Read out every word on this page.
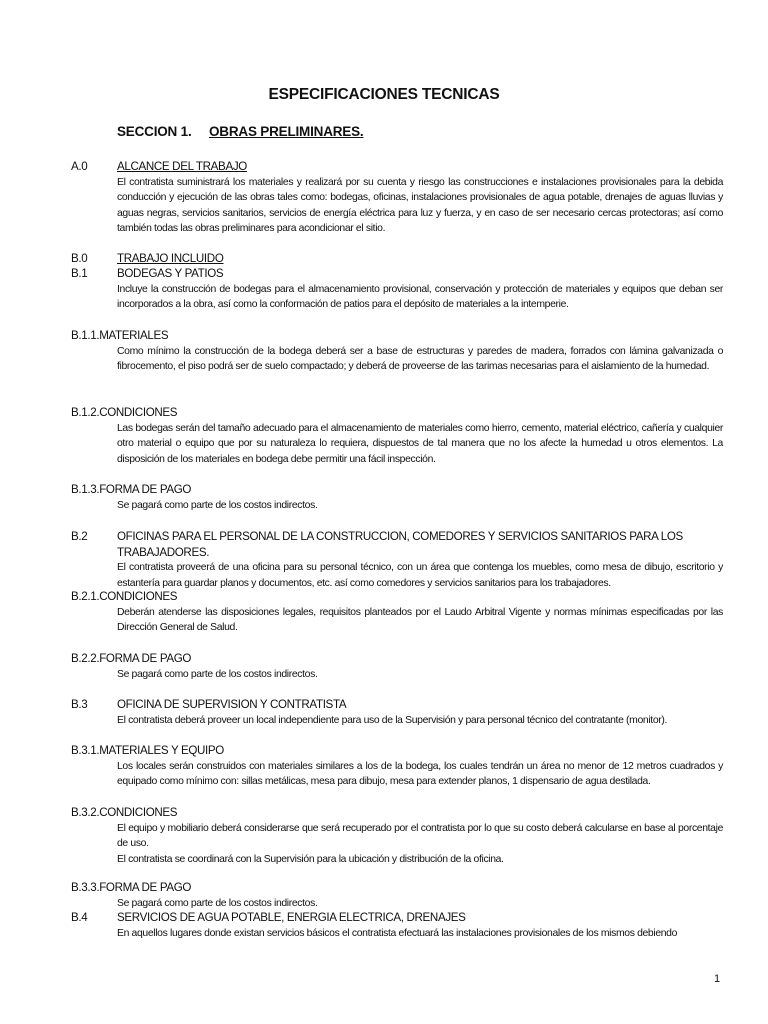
ESPECIFICACIONES TECNICAS
SECCION 1. OBRAS PRELIMINARES.
A.0	ALCANCE DEL TRABAJO

El contratista suministrará los materiales y realizará por su cuenta y riesgo las construcciones e instalaciones provisionales para la debida conducción y ejecución de las obras tales como: bodegas, oficinas, instalaciones provisionales de agua potable, drenajes de aguas lluvias y aguas negras, servicios sanitarios, servicios de energía eléctrica para luz y fuerza, y en caso de ser necesario cercas protectoras; así como también todas las obras preliminares para acondicionar el sitio.

B.0	TRABAJO INCLUIDO
B.1	BODEGAS Y PATIOS

Incluye la construcción de bodegas para el almacenamiento provisional, conservación y protección de materiales y equipos que deban ser incorporados a la obra, así como la conformación de patios para el depósito de materiales a la intemperie.

B.1.1.MATERIALES

Como mínimo la construcción de la bodega deberá ser a base de estructuras y paredes de madera, forrados con lámina galvanizada o fibrocemento, el piso podrá ser de suelo compactado; y deberá de proveerse de las tarimas necesarias para el aislamiento de la humedad.

B.1.2.CONDICIONES

Las bodegas serán del tamaño adecuado para el almacenamiento de materiales como hierro, cemento, material eléctrico, cañería y cualquier otro material o equipo que por su naturaleza lo requiera, dispuestos de tal manera que no los afecte la humedad u otros elementos. La disposición de los materiales en bodega debe permitir una fácil inspección.

B.1.3.FORMA DE PAGO

Se pagará como parte de los costos indirectos.

B.2	OFICINAS PARA EL PERSONAL DE LA CONSTRUCCION, COMEDORES Y SERVICIOS SANITARIOS PARA LOS TRABAJADORES.

El contratista proveerá de una oficina para su personal técnico, con un área que contenga los muebles, como mesa de dibujo, escritorio y estantería para guardar planos y documentos, etc. así como comedores y servicios sanitarios para los trabajadores.

B.2.1.CONDICIONES

Deberán atenderse las disposiciones legales, requisitos planteados por el Laudo Arbitral Vigente y normas mínimas especificadas por las Dirección General de Salud.

B.2.2.FORMA DE PAGO

Se pagará como parte de los costos indirectos.

B.3	OFICINA DE SUPERVISION Y CONTRATISTA

El contratista deberá proveer un local independiente para uso de la Supervisión y para personal técnico del contratante (monitor).

B.3.1.MATERIALES Y EQUIPO

Los locales serán construidos con materiales similares a los de la bodega, los cuales tendrán un área no menor de 12 metros cuadrados y equipado como mínimo con: sillas metálicas, mesa para dibujo, mesa para extender planos, 1 dispensario de agua destilada.

B.3.2.CONDICIONES

El equipo y mobiliario deberá considerarse que será recuperado por el contratista por lo que su costo deberá calcularse en base al porcentaje de uso.

El contratista se coordinará con la Supervisión para la ubicación y distribución de la oficina.

B.3.3.FORMA DE PAGO

Se pagará como parte de los costos indirectos.

B.4	SERVICIOS DE AGUA POTABLE, ENERGIA ELECTRICA, DRENAJES

En aquellos lugares donde existan servicios básicos el contratista efectuará las instalaciones provisionales de los mismos debiendo

1
